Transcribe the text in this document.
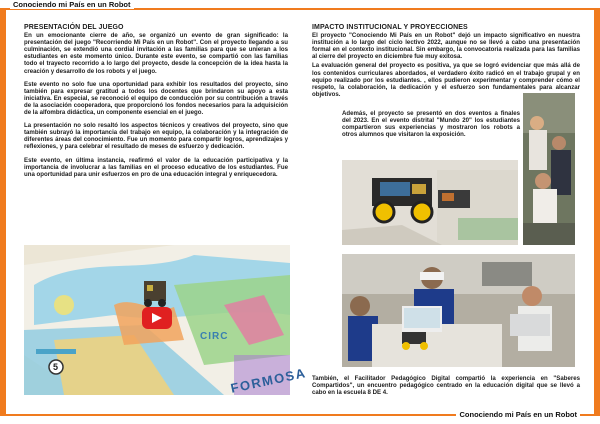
Conociendo mi País en un Robot
Conociendo mi País en un Robot
PRESENTACIÓN DEL JUEGO

En un emocionante cierre de año, se organizó un evento de gran significado: la presentación del juego "Recorriendo Mi País en un Robot". Con el proyecto llegando a su culminación, se extendió una cordial invitación a las familias para que se unieran a los estudiantes en este momento único. Durante este evento, se compartió con las familias todo el trayecto recorrido a lo largo del proyecto, desde la concepción de la idea hasta la creación y desarrollo de los robots y el juego.

Este evento no solo fue una oportunidad para exhibir los resultados del proyecto, sino también para expresar gratitud a todos los docentes que brindaron su apoyo a esta iniciativa. En especial, se reconoció el equipo de conducción por su contribución a través de la asociación cooperadora, que proporcionó los fondos necesarios para la adquisición de la alfombra didáctica, un componente esencial en el juego.

La presentación no solo resaltó los aspectos técnicos y creativos del proyecto, sino que también subrayó la importancia del trabajo en equipo, la colaboración y la integración de diferentes áreas del conocimiento. Fue un momento para compartir logros, aprendizajes y reflexiones, y para celebrar el resultado de meses de esfuerzo y dedicación.

Este evento, en última instancia, reafirmó el valor de la educación participativa y la importancia de involucrar a las familias en el proceso educativo de los estudiantes. Fue una oportunidad para unir esfuerzos en pro de una educación integral y enriquecedora.

5
CIRC
FORMOSA
IMPACTO INSTITUCIONAL Y PROYECCIONES

El proyecto "Conociendo Mi País en un Robot" dejó un impacto significativo en nuestra institución a lo largo del ciclo lectivo 2022, aunque no se llevó a cabo una presentación formal en el contexto institucional. Sin embargo, la convocatoria realizada para las familias al cierre del proyecto en diciembre fue muy exitosa.

La evaluación general del proyecto es positiva, ya que se logró evidenciar que más allá de los contenidos curriculares abordados, el verdadero éxito radicó en el trabajo grupal y en equipo realizado por los estudiantes. , ellos pudieron experimentar y comprender cómo el respeto, la colaboración, la dedicación y el esfuerzo son fundamentales para alcanzar objetivos.

Además, el proyecto se presentó en dos eventos a finales del 2023. En el evento distrital "Mundo 20" los estudiantes compartieron sus experiencias y mostraron los robots a otros alumnos que visitaron la exposición.

También, el Facilitador Pedagógico Digital compartió la experiencia en "Saberes Compartidos", un encuentro pedagógico centrado en la educación digital que se llevó a cabo en la escuela 8 DE 4.
